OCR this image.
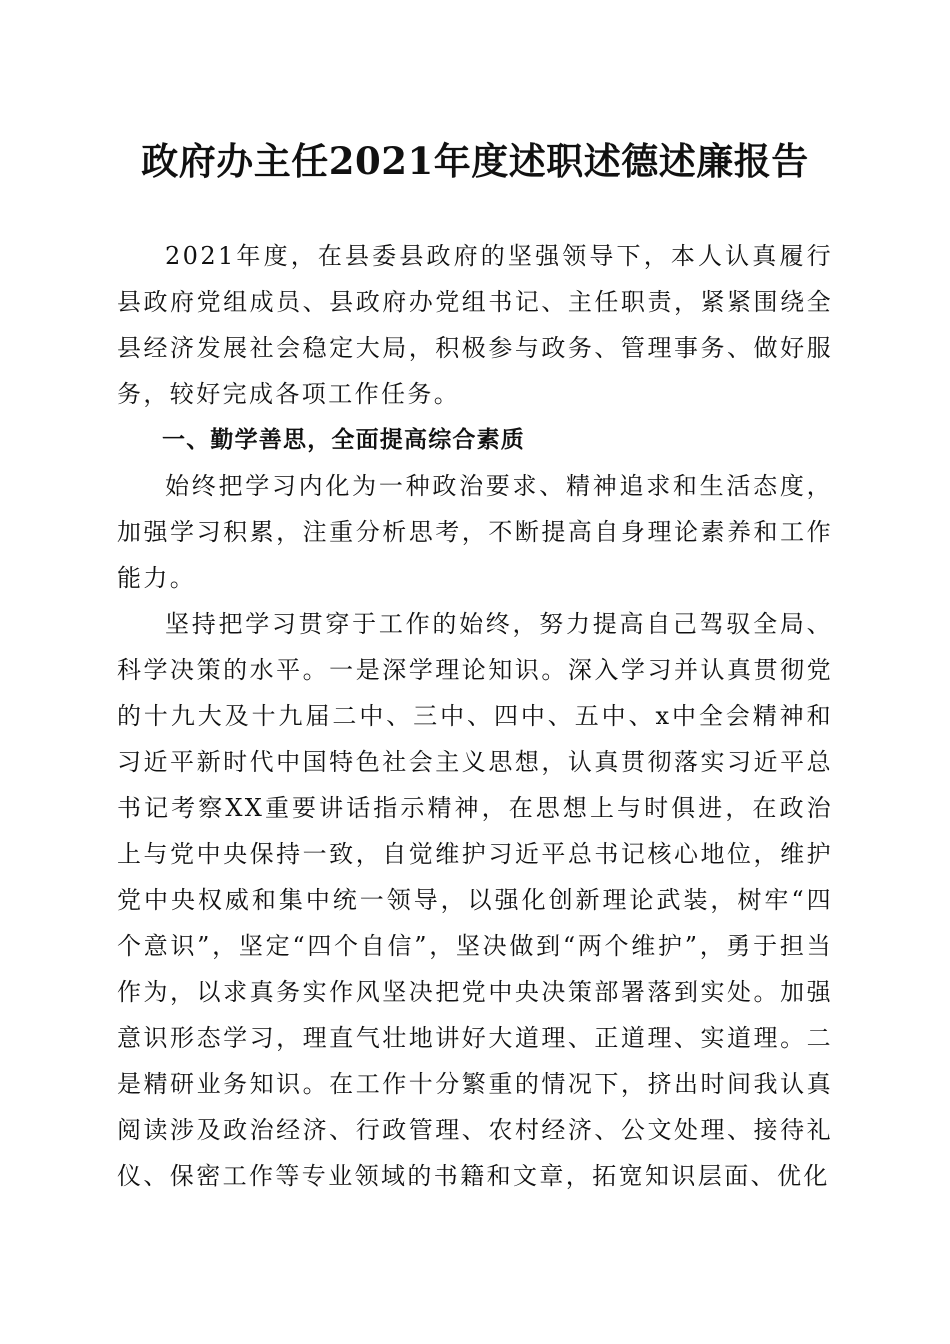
政府办主任2021年度述职述德述廉报告

2021年度，在县委县政府的坚强领导下，本人认真履行县政府党组成员、县政府办党组书记、主任职责，紧紧围绕全县经济发展社会稳定大局，积极参与政务、管理事务、做好服务，较好完成各项工作任务。

一、勤学善思，全面提高综合素质

始终把学习内化为一种政治要求、精神追求和生活态度，加强学习积累，注重分析思考，不断提高自身理论素养和工作能力。

坚持把学习贯穿于工作的始终，努力提高自己驾驭全局、科学决策的水平。一是深学理论知识。深入学习并认真贯彻党的十九大及十九届二中、三中、四中、五中、x中全会精神和习近平新时代中国特色社会主义思想，认真贯彻落实习近平总书记考察XX重要讲话指示精神，在思想上与时俱进，在政治上与党中央保持一致，自觉维护习近平总书记核心地位，维护党中央权威和集中统一领导，以强化创新理论武装，树牢“四个意识”，坚定“四个自信”，坚决做到“两个维护”，勇于担当作为，以求真务实作风坚决把党中央决策部署落到实处。加强意识形态学习，理直气壮地讲好大道理、正道理、实道理。二是精研业务知识。在工作十分繁重的情况下，挤出时间我认真阅读涉及政治经济、行政管理、农村经济、公文处理、接待礼仪、保密工作等专业领域的书籍和文章，拓宽知识层面、优化
